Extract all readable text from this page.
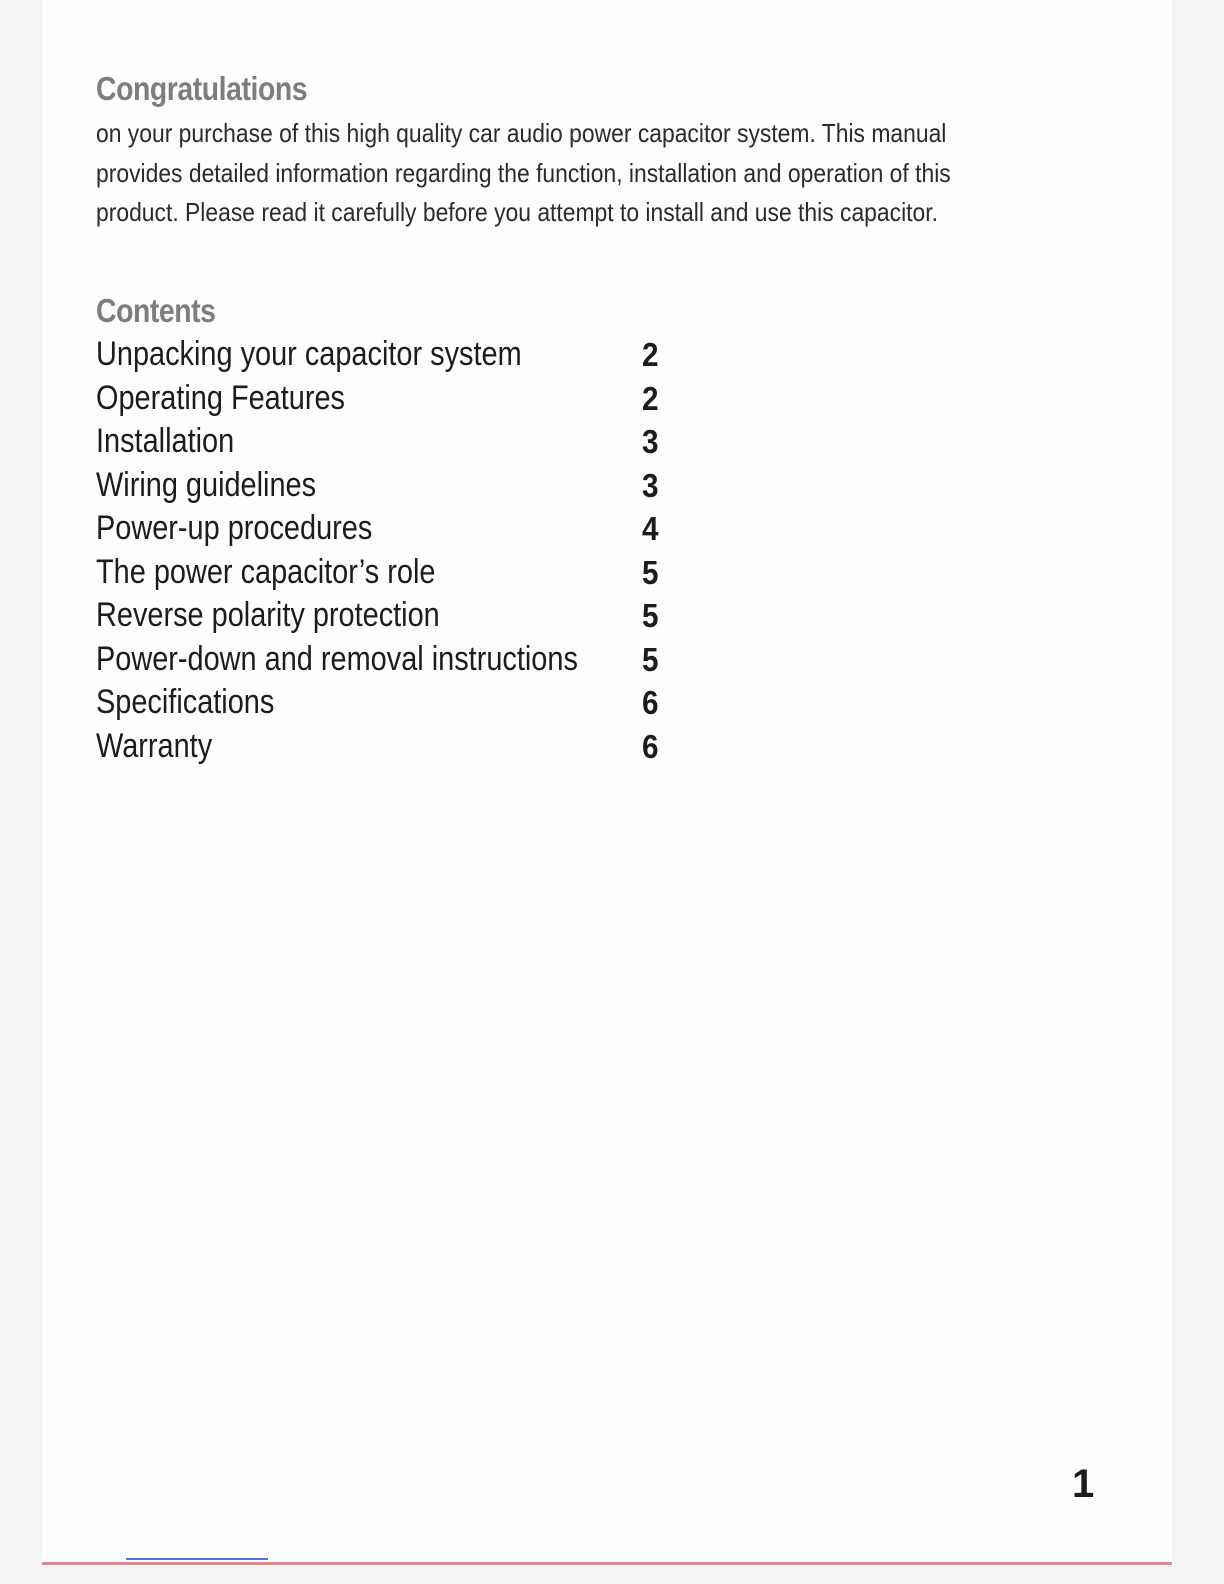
Congratulations
on your purchase of this high quality car audio power capacitor system. This manual
provides detailed information regarding the function, installation and operation of this
product. Please read it carefully before you attempt to install and use this capacitor.
Contents
Unpacking your capacitor system	2
Operating Features	2
Installation	3
Wiring guidelines	3
Power-up procedures	4
The power capacitor’s role	5
Reverse polarity protection	5
Power-down and removal instructions 5
Specifications	6
Warranty	6
1
